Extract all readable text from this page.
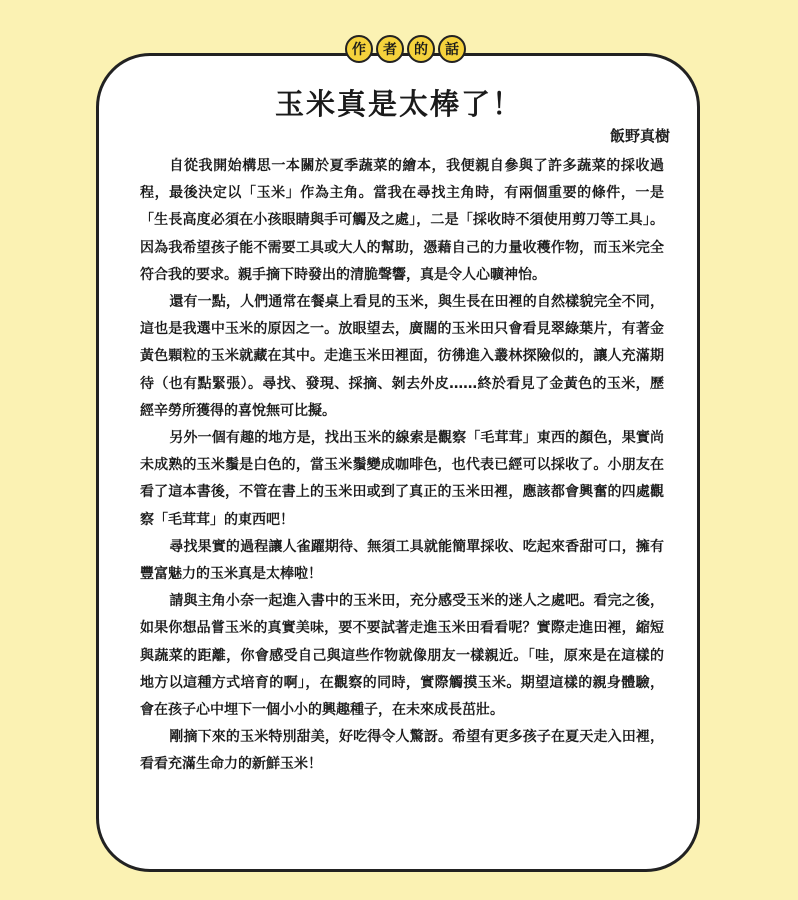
作	者	的	話
玉米真是太棒了！
飯野真樹

自從我開始構思一本關於夏季蔬菜的繪本，我便親自參與了許多蔬菜的採收過程，最後決定以「玉米」作為主角。當我在尋找主角時，有兩個重要的條件，一是「生長高度必須在小孩眼睛與手可觸及之處」，二是「採收時不須使用剪刀等工具」。因為我希望孩子能不需要工具或大人的幫助，憑藉自己的力量收穫作物，而玉米完全符合我的要求。親手摘下時發出的清脆聲響，真是令人心曠神怡。

還有一點，人們通常在餐桌上看見的玉米，與生長在田裡的自然樣貌完全不同，這也是我選中玉米的原因之一。放眼望去，廣闊的玉米田只會看見翠綠葉片，有著金黃色顆粒的玉米就藏在其中。走進玉米田裡面，彷彿進入叢林探險似的，讓人充滿期待（也有點緊張）。尋找、發現、採摘、剝去外皮……終於看見了金黃色的玉米，歷經辛勞所獲得的喜悅無可比擬。

另外一個有趣的地方是，找出玉米的線索是觀察「毛茸茸」東西的顏色，果實尚未成熟的玉米鬚是白色的，當玉米鬚變成咖啡色，也代表已經可以採收了。小朋友在看了這本書後，不管在書上的玉米田或到了真正的玉米田裡，應該都會興奮的四處觀察「毛茸茸」的東西吧！

尋找果實的過程讓人雀躍期待、無須工具就能簡單採收、吃起來香甜可口，擁有豐富魅力的玉米真是太棒啦！

請與主角小奈一起進入書中的玉米田，充分感受玉米的迷人之處吧。看完之後，如果你想品嘗玉米的真實美味，要不要試著走進玉米田看看呢？實際走進田裡，縮短與蔬菜的距離，你會感受自己與這些作物就像朋友一樣親近。「哇，原來是在這樣的地方以這種方式培育的啊」，在觀察的同時，實際觸摸玉米。期望這樣的親身體驗，會在孩子心中埋下一個小小的興趣種子，在未來成長茁壯。

剛摘下來的玉米特別甜美，好吃得令人驚訝。希望有更多孩子在夏天走入田裡，看看充滿生命力的新鮮玉米！
